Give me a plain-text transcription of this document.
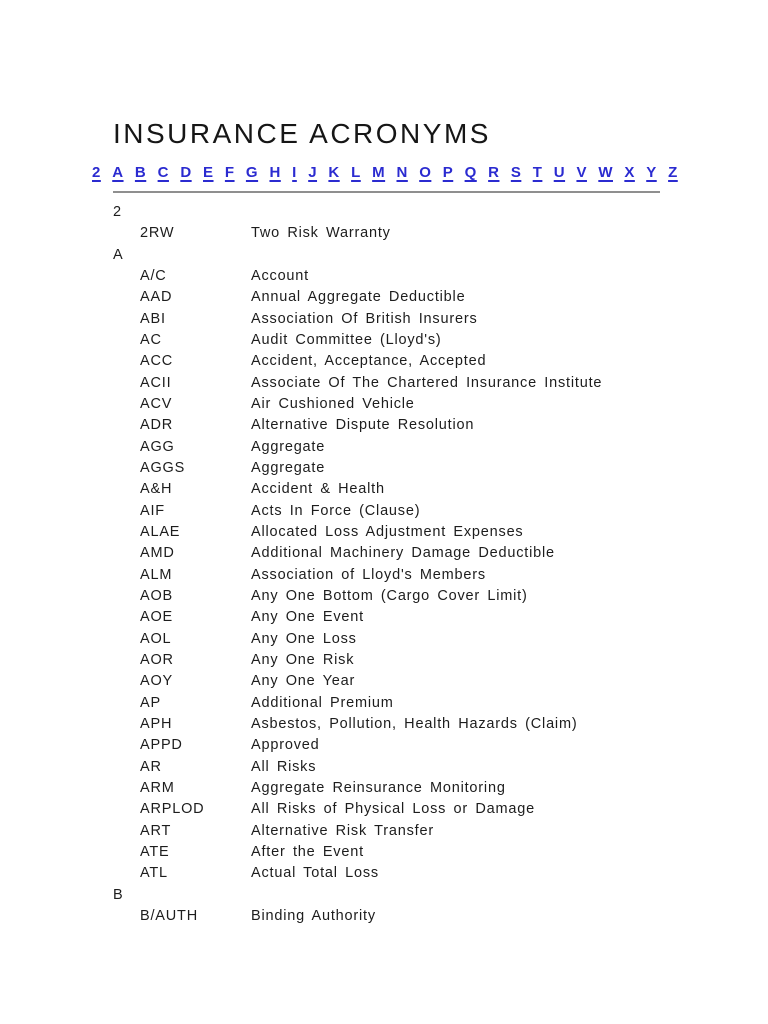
INSURANCE ACRONYMS
2 A B C D E F G H I J K L M N O P Q R S T U V W X Y Z
2
2RW	Two Risk Warranty
A
A/C	Account
AAD	Annual Aggregate Deductible
ABI	Association Of British Insurers
AC	Audit Committee (Lloyd's)
ACC	Accident, Acceptance, Accepted
ACII	Associate Of The Chartered Insurance Institute
ACV	Air Cushioned Vehicle
ADR	Alternative Dispute Resolution
AGG	Aggregate
AGGS	Aggregate
A&H	Accident & Health
AIF	Acts In Force (Clause)
ALAE	Allocated Loss Adjustment Expenses
AMD	Additional Machinery Damage Deductible
ALM	Association of Lloyd's Members
AOB	Any One Bottom (Cargo Cover Limit)
AOE	Any One Event
AOL	Any One Loss
AOR	Any One Risk
AOY	Any One Year
AP	Additional Premium
APH	Asbestos, Pollution, Health Hazards (Claim)
APPD	Approved
AR	All Risks
ARM	Aggregate Reinsurance Monitoring
ARPLOD	All Risks of Physical Loss or Damage
ART	Alternative Risk Transfer
ATE	After the Event
ATL	Actual Total Loss
B
B/AUTH	Binding Authority
